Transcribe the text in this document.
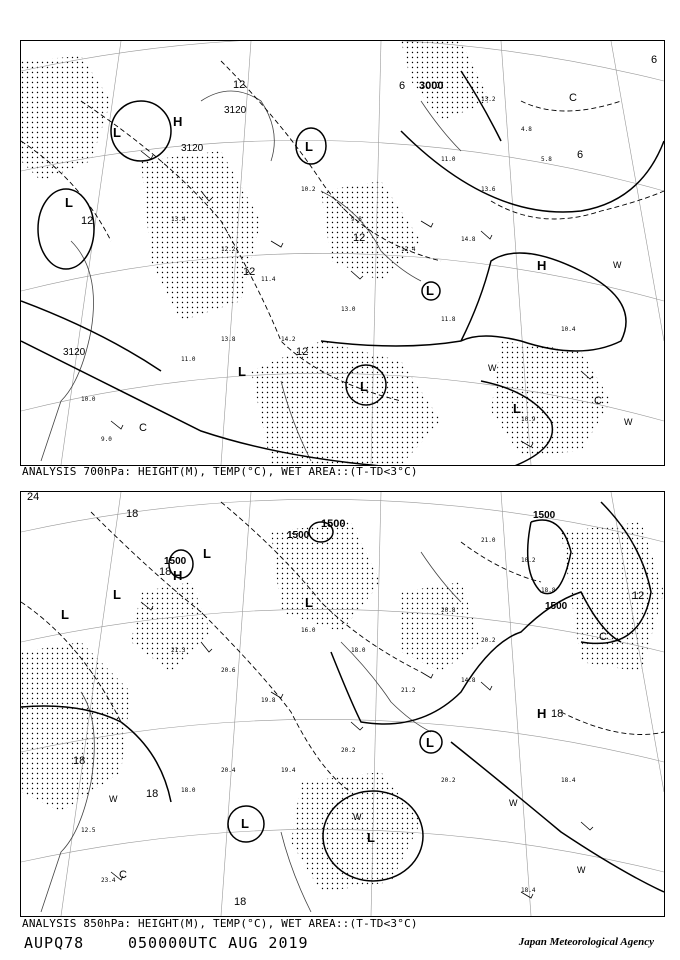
13.4
12.2
11.4
10.2
9.8
12.4
11.0
13.6
14.8
13.8
11.0
11.8
10.4
10.0
9.0
13.0
14.2
10.9
13.2
4.8
5.8
3000
3120
3120
3120
12
12
12
12
6
6
6
12
L
H
L
L
L
H
L
L
L
W
W
C
C
C
W
ANALYSIS 700hPa: HEIGHT(M), TEMP(°C), WET AREA::(T-TD<3°C)
21.3
20.6
19.8
16.0
18.0
21.2
20.8
20.2
14.8
20.4
18.0
20.2	18.4
12.5
23.4
20.2
19.4
18.4
21.0
10.2
18.8
1500
1500
1500
1500
1500
18
18
18
18
18
18
12
24
H
L
L
L
L
L
H
L
L
W
W
W
C
C
W
ANALYSIS 850hPa: HEIGHT(M), TEMP(°C), WET AREA::(T-TD<3°C)
AUPQ78	050000UTC AUG 2019	Japan Meteorological Agency
